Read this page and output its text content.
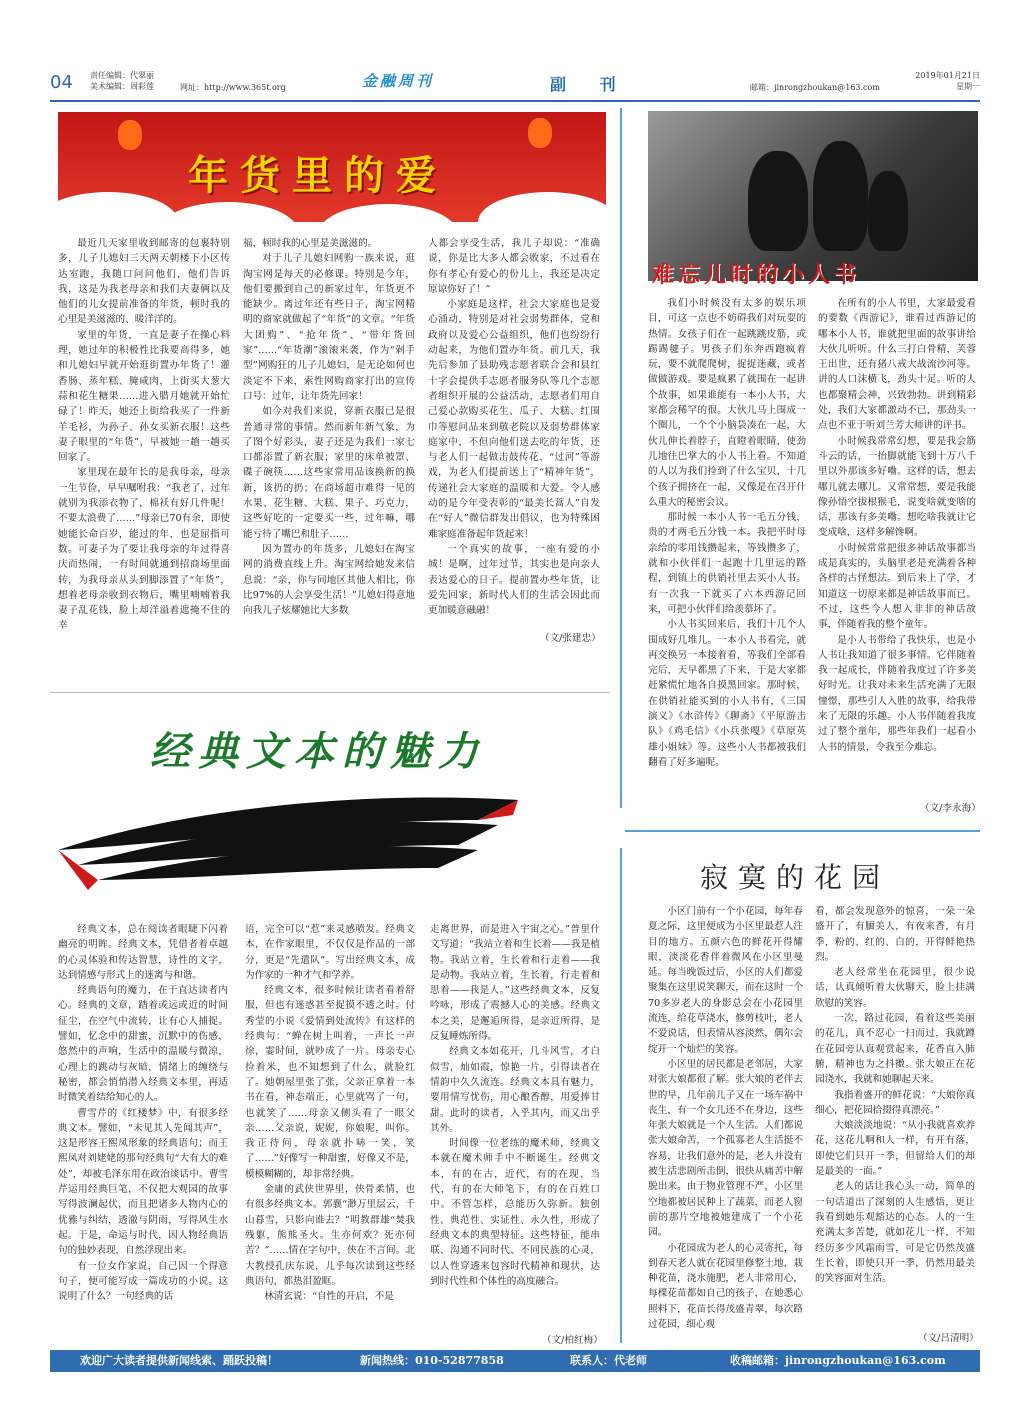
04 责任编辑：代翠丽
美术编辑：周彩莲	网址：http://www.365t.org	金融周刊	副 刊	邮箱：jinrongzhoukan@163.com
2019年01月21日
星期一
年货里的爱

最近几天家里收到邮寄的包裹特别多，儿子儿媳妇三天两天朝楼下小区传达室跑，我随口问问他们，他们告诉我，这是为我老母亲和我们夫妻俩以及他们的儿女提前准备的年货，顿时我的心里是美滋滋的、暖洋洋的。

家里的年货，一直是妻子在操心料理，她过年的积极性比我要高得多，她和儿媳妇早就开始逛街置办年货了！灌香肠、蒸年糕、腌咸肉，上街买大葱大蒜和花生糖果……进入腊月她就开始忙碌了！昨天，她还上街给我买了一件新羊毛衫，为孙子、孙女买新衣服！这些妻子眼里的“年货”，早被她一趟一趟买回家了。

家里现在最年长的是我母亲，母亲一生节俭，早早嘱咐我：“我老了，过年就别为我添衣物了，棉袄有好几件呢！不要太浪费了……”母亲已70有余，即使她能长命百岁，能过的年，也是屈指可数。可妻子为了要让我母亲的年过得喜庆而热闹，一有时间就通到招商场里面转，为我母亲从头到脚添置了“年货”，想着老母亲收到衣物后，嘴里喃喃着我妻子乱花钱，脸上却洋溢着遮掩不住的幸

福，顿时我的心里是美滋滋的。

对于儿子儿媳妇网购一族来说，逛淘宝网是每天的必修课。特别是今年，他们要搬到自己的新家过年，年货更不能缺少。离过年还有些日子，淘宝网精明的商家就做起了“年货”的文章。“年货大团购”、“抢年货”、“带年货回家”……“年货潮”滚滚来袭，作为“剁手型”网购狂的儿子儿媳妇，是无论如何也淡定不下来，索性网购商家打出的宣传口号：过年，让年货先回家！

如今对我们来说，穿新衣服已是很普通寻常的事情。然而新年新气象，为了图个好彩头，妻子还是为我们一家七口都添置了新衣服；家里的床单被罩、碟子碗筷……这些家常用品该换新的换新，该扔的扔；在商场超市难得一见的水果、花生糖、大糕、果子、巧克力，这些好吃的一定要买一些，过年嘛，哪能亏待了嘴巴和肚子……

因为置办的年货多，儿媳妇在淘宝网的消费直线上升。淘宝网给她发来信息说：“亲，你与同地区其他人相比，你比97%的人会享受生活！”儿媳妇得意地向我儿子炫耀她比大多数

人都会享受生活，我儿子却说：“准确说，你是比大多人都会败家，不过看在你有孝心有爱心的份儿上，我还是决定原谅你好了！”

小家庭是这样，社会大家庭也是爱心涌动，特别是对社会弱势群体，党和政府以及爱心公益组织，他们也纷纷行动起来，为他们置办年货。前几天，我先后参加了县助残志愿者联合会和县红十字会提供手志愿者服务队等几个志愿者组织开展的公益活动，志愿者们用自己爱心款购买花生、瓜子、大糕、红围巾等慰问品来到敬老院以及弱势群体家庭家中，不但向他们送去吃的年货，还与老人们一起做击鼓传花、“过河”等游戏，为老人们提前送上了“精神年货”，传递社会大家庭的温暖和大爱。令人感动的是今年受表彰的“最美长蒿人”自发在“好人”微信群发出倡议，也为特殊困难家庭准备起年货起来！

一个真实的故事，一座有爱的小城！是啊，过年过节，其实也是向亲人表达爱心的日子。提前置办些年货，让爱先回家，新时代人们的生活会因此而更加暖意融融！

（文/张建忠）
难忘儿时的小人书

我们小时候没有太多的娱乐项目，可这一点也不妨碍我们对玩耍的热情。女孩子们在一起跳跳皮筋，或踢踢毽子。男孩子们东奔西跑疯着玩，要不就爬爬树，捉捉迷藏，或者做做游戏。要是疯累了就围在一起讲个故事，如果谁能有一本小人书，大家都会稀罕的很。大伙儿马上围成一个圈儿，一个个小脑袋凑在一起，大伙儿伸长着脖子，直瞪着眼睛，使劲儿地往巴掌大的小人书上看。不知道的人以为我们捡到了什么宝贝，十几个孩子拥挤在一起，又像是在召开什么重大的秘密会议。

那时候一本小人书一毛五分钱，贵的才两毛五分钱一本。我把平时母亲给的零用钱攒起来，等钱攒多了，就和小伙伴们一起跑十几里远的路程，到镇上的供销社里去买小人书。有一次我一下就买了六本西游记回来，可把小伙伴们给羡慕坏了。

小人书买回来后，我们十几个人围成好几堆儿。一本小人书看完，就再交换另一本接着看，等我们全部看完后，天早都黑了下来，于是大家都赶紧慌忙地各自摸黑回家。那时候，在供销社能买到的小人书有，《三国演义》《水浒传》《聊斋》《平原游击队》《鸡毛信》《小兵张嘎》《草原英雄小姐妹》等。这些小人书都被我们翻看了好多遍呢。

在所有的小人书里，大家最爱看的要数《西游记》，谁看过西游记的哪本小人书，谁就把里面的故事讲给大伙儿听听。什么三打白骨精，芙蓉王出世，还有猪八戒大战流沙河等。讲的人口沫横飞，劲头十足。听的人也都聚精会神，兴致勃勃。讲到精彩处，我们大家都激动不已，那劲头一点也不亚于听刘兰芳大师讲的评书。

小时候我常常幻想，要是我会筋斗云的话，一抬脚就能飞到十万八千里以外那该多好嘞。这样的话，想去哪儿就去哪儿。又常常想，要是我能像孙悟空拔根猴毛，说变啥就变啥的话，那该有多美嘞。想吃啥我就让它变成啥，这样多解馋啊。

小时候常常把很多神话故事都当成是真实的，头脑里老是充满着各种各样的古怪想法。到后来上了学，才知道这一切原来都是神话故事而已。不过，这些今人想入非非的神话故事，伴随着我的整个童年。

是小人书带给了我快乐，也是小人书让我知道了很多事情。它伴随着我一起成长，伴随着我度过了许多美好时光。让我对未来生活充满了无限憧憬，那些引人入胜的故事，给我带来了无限的乐趣。小人书伴随着我度过了整个童年，那些年我们一起看小人书的情景，令我至今难忘。

（文/李永海）
经典文本的魅力

经典文本，总在阅读者眼睫下闪着幽亮的明眸。经典文本，凭借者着卓越的心灵体验和传达智慧，诗性的文字，达到情感与形式上的迷离与和谐。

经典语句的魔力，在于直达读者内心。经典的文章，踏着或远或近的时间征尘，在空气中流转，让有心人捕捉。譬如，忆念中的甜蜜，沉默中的伤感，悠然中的声响，生活中的温暖与微凉，心理上的跳动与灰暗，情绪上的缠绕与秘密，都会悄悄潜入经典文本里，再适时微笑着结给知心的人。

曹雪芹的《红楼梦》中，有很多经典文本。譬如，“未见其人先闻其声”，这是形容王熙凤形象的经典语句；而王熙凤对刘姥姥的那句经典句“大有大的难处”，却被毛泽东用在政治谈话中。曹雪芹运用经典巨笔，不仅把大观园的故事写得波澜起伏，而且把诸多人物内心的优雅与纠结，透澈与阴雨，写得风生水起。于是，命运与时代，因人物经典语句的独妙表现，自然浮现出来。

有一位女作家说，自己因一个得意句子，便可能写成一篇成功的小说。这说明了什么？一句经典的话

语，完全可以“惹”来灵感喷发。经典文本，在作家眼里，不仅仅是作品的一部分，更是“先遣队”。写出经典文本，成为作家的一种才气和学养。

经典文本，很多时候让读者看着舒服，但也有迷惑甚至捉摸不透之时。付秀莹的小说《爱情到处流传》有这样的经典句：“蝉在树上叫着，一声长一声徐，霎时间，就吵成了一片。母亲专心捡着米，也不知想到了什么，就脸红了。她朝屋里张了张，父亲正拿着一本书在看，神态端正，心里就骂了一句，也就笑了……母亲又侧头看了一眼父亲……父亲说，妮妮，你娘呢，叫你。我正待问，母亲就扑哧一笑，笑了……”好像写一种甜蜜，好像又不是，模模糊糊的，却非常经典。

金庸的武侠世界里，侠骨柔情，也有很多经典文本。郭襄“渺万里层云，千山暮雪，只影向谁去？”明教群雄“焚我残躯，熊熊圣火。生亦何欢？死亦何苦？”……情在字句中，侠在不言间。北大教授孔庆东说，儿乎每次读到这些经典语句，都热泪盈眶。

林清玄说：“自性的开启，不是

走离世界，而是进入宇宙之心。”普里什文写道：“我站立着和生长着——我是植物。我站立着，生长着和行走着——我是动物。我站立着，生长着，行走着和思着——我是人。”这些经典文本，反复吟咏，形成了震撼人心的美感。经典文本之美，是邂逅所得，是亲近所得，是反复睡炼所得。

经典文本如花开，几斗风雪，才白似雪，灿如霞，惊艳一片，引得读者在情韵中久久流连。经典文本具有魅力，要用情写忧伤，用心酿香醇，用爱捧甘甜。此时的读者，入乎其内，而又出乎其外。

时间像一位老练的魔术师，经典文本就在魔术师手中不断诞生。经典文本，有的在古，近代，有的在现、当代，有的在大师笔下，有的在百姓口中。不管怎样，总能历久弥新。独创性、典范性、实证性、永久性，形成了经典文本的典型特征。这些特征，能串联、沟通不同时代、不同民族的心灵，以人性穿透来包容时代精神和现状，达到时代性和个体性的高度融合。

（文/柏红梅）
寂寞的花园

小区门前有一个小花园，每年春夏之际，这里便成为小区里最惹人注目的地方。五颜六色的鲜花开得耀眼，淡淡花香伴着微风在小区里曼延。每当晚饭过后，小区的人们都爱聚集在这里说笑聊天，而在这时一个70多岁老人的身影总会在小花园里流连，给花草浇水，修剪枝叶，老人不爱说话，但表情从容淡然，偶尔会绽开一个灿烂的笑容。

小区里的居民都是老邻居，大家对张大娘都很了解。张大娘的老伴去世的早，几年前儿子又在一场车祸中丧生，有一个女儿还不在身边，这些年张大娘就是一个人生活。人们都说张大娘命苦，一个孤寡老人生活挺不容易，让我们意外的是，老人并没有被生活悲剧所击倒，很快从痛苦中解脱出来。由于物业管理不严，小区里空地都被居民种上了蔬菜，而老人窗前的那片空地被她建成了一个小花园。

小花园成为老人的心灵寄托，每到春天老人就在花园里修整土地，栽种花苗，浇水施肥，老人非常用心，每棵花苗都如自己的孩子，在她悉心照料下，花苗长得茂盛青翠，每次路过花园，细心观

看，都会发现意外的惊喜，一朵一朵盛开了，有腼美人，有夜来香，有月季，粉的、红的、白的，开得鲜艳热烈。

老人经常坐在花园里，很少说话，认真倾听着大伙聊天，脸上挂满欣慰的笑容。

一次，路过花园，看着这些美丽的花儿，真不忍心一扫而过，我就蹲在花园旁认真观赏起来，花香直入肺腑，精神也为之抖擞。张大娘正在花园浇水，我就和她聊起天来。

我指着盛开的鲜花说：“大娘你真细心，把花园拾掇得真漂亮。”

大娘淡淡地说：“从小我就喜欢养花，这花儿啊和人一样，有开有落，即使它们只开一季，但留给人们的却是最美的一面。”

老人的话让我心头一动，简单的一句话道出了深刻的人生感悟，更让我看到她乐观豁达的心态。人的一生充满太多苦楚，就如花儿一样，不知经历多少风霜雨雪，可是它仍然茂盛生长着，即使只开一季，仍然用最美的笑容面对生活。

（文/吕清明）
欢迎广大读者提供新闻线索、踊跃投稿！	新闻热线：010-52877858	联系人：代老师	收稿邮箱：jinrongzhoukan@163.com
